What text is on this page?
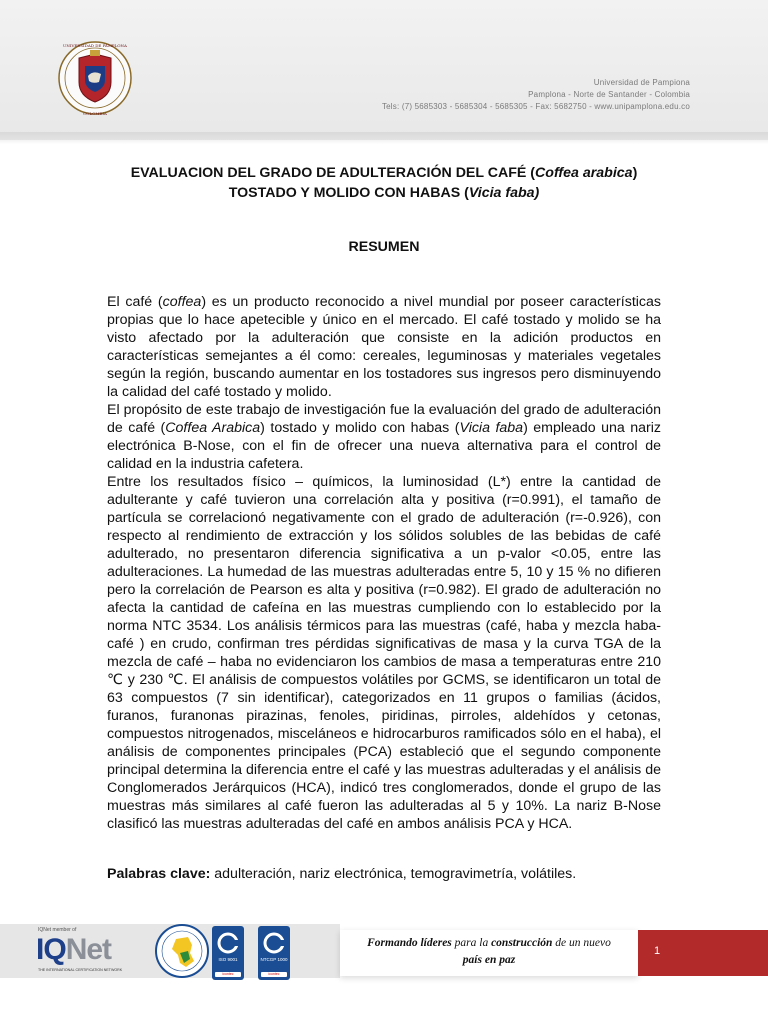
UNIVERSIDAD DE PAMPLONA
COLOMBIA
Universidad de Pampiona
Pamplona - Norte de Santander - Colombia
Tels: (7) 5685303 - 5685304 - 5685305 - Fax: 5682750 - www.unipamplona.edu.co
EVALUACION DEL GRADO DE ADULTERACIÓN DEL CAFÉ (Coffea arabica)
TOSTADO Y MOLIDO CON HABAS (Vicia faba)
RESUMEN

El café (coffea) es un producto reconocido a nivel mundial por poseer características propias que lo hace apetecible y único en el mercado. El café tostado y molido se ha visto afectado por la adulteración que consiste en la adición productos en características semejantes a él como: cereales, leguminosas y materiales vegetales según la región, buscando aumentar en los tostadores sus ingresos pero disminuyendo la calidad del café tostado y molido.

El propósito de este trabajo de investigación fue la evaluación del grado de adulteración de café (Coffea Arabica) tostado y molido con habas (Vicia faba) empleado una nariz electrónica B-Nose, con el fin de ofrecer una nueva alternativa para el control de calidad en la industria cafetera.

Entre los resultados físico – químicos, la luminosidad (L*) entre la cantidad de adulterante y café tuvieron una correlación alta y positiva (r=0.991), el tamaño de partícula se correlacionó negativamente con el grado de adulteración (r=-0.926), con respecto al rendimiento de extracción y los sólidos solubles de las bebidas de café adulterado, no presentaron diferencia significativa a un p-valor <0.05, entre las adulteraciones. La humedad de las muestras adulteradas entre 5, 10 y 15 % no difieren pero la correlación de Pearson es alta y positiva (r=0.982). El grado de adulteración no afecta la cantidad de cafeína en las muestras cumpliendo con lo establecido por la norma NTC 3534. Los análisis térmicos para las muestras (café, haba y mezcla haba-café ) en crudo, confirman tres pérdidas significativas de masa y la curva TGA de la mezcla de café – haba no evidenciaron los cambios de masa a temperaturas entre 210 ℃ y 230 ℃. El análisis de compuestos volátiles por GCMS, se identificaron un total de 63 compuestos (7 sin identificar), categorizados en 11 grupos o familias (ácidos, furanos, furanonas pirazinas, fenoles, piridinas, pirroles, aldehídos y cetonas, compuestos nitrogenados, misceláneos e hidrocarburos ramificados sólo en el haba), el análisis de componentes principales (PCA) estableció que el segundo componente principal determina la diferencia entre el café y las muestras adulteradas y el análisis de Conglomerados Jerárquicos (HCA), indicó tres conglomerados, donde el grupo de las muestras más similares al café fueron las adulteradas al 5 y 10%. La nariz B-Nose clasificó las muestras adulteradas del café en ambos análisis PCA y HCA.

Palabras clave: adulteración, nariz electrónica, temogravimetría, volátiles.
IQNet member of
IQNet
THE INTERNATIONAL CERTIFICATION NETWORK
ISO 9001
icontec
NTCGP 1000
icontec
Formando líderes para la construcción de un nuevo
país en paz
1
